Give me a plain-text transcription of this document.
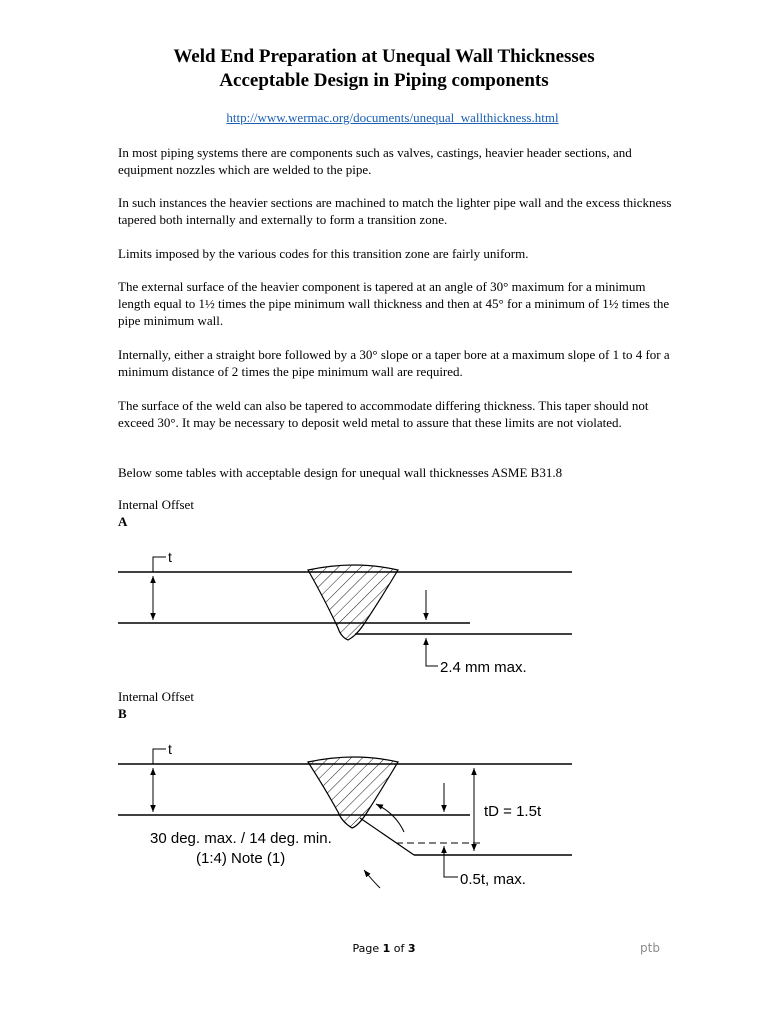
Weld End Preparation at Unequal Wall Thicknesses
Acceptable Design in Piping components
http://www.wermac.org/documents/unequal_wallthickness.html

In most piping systems there are components such as valves, castings, heavier header sections, and equipment nozzles which are welded to the pipe.

In such instances the heavier sections are machined to match the lighter pipe wall and the excess thickness tapered both internally and externally to form a transition zone.

Limits imposed by the various codes for this transition zone are fairly uniform.

The external surface of the heavier component is tapered at an angle of 30° maximum for a minimum length equal to 1½ times the pipe minimum wall thickness and then at 45° for a minimum of 1½ times the pipe minimum wall.

Internally, either a straight bore followed by a 30° slope or a taper bore at a maximum slope of 1 to 4 for a minimum distance of 2 times the pipe minimum wall are required.

The surface of the weld can also be tapered to accommodate differing thickness. This taper should not exceed 30°. It may be necessary to deposit weld metal to assure that these limits are not violated.

Below some tables with acceptable design for unequal wall thicknesses ASME B31.8

Internal Offset

A

t
2.4 mm max.

Internal Offset

B

t
tD = 1.5t
0.5t, max.
30 deg. max. / 14 deg. min.
(1:4) Note (1)
Page 1 of 3	ptb
